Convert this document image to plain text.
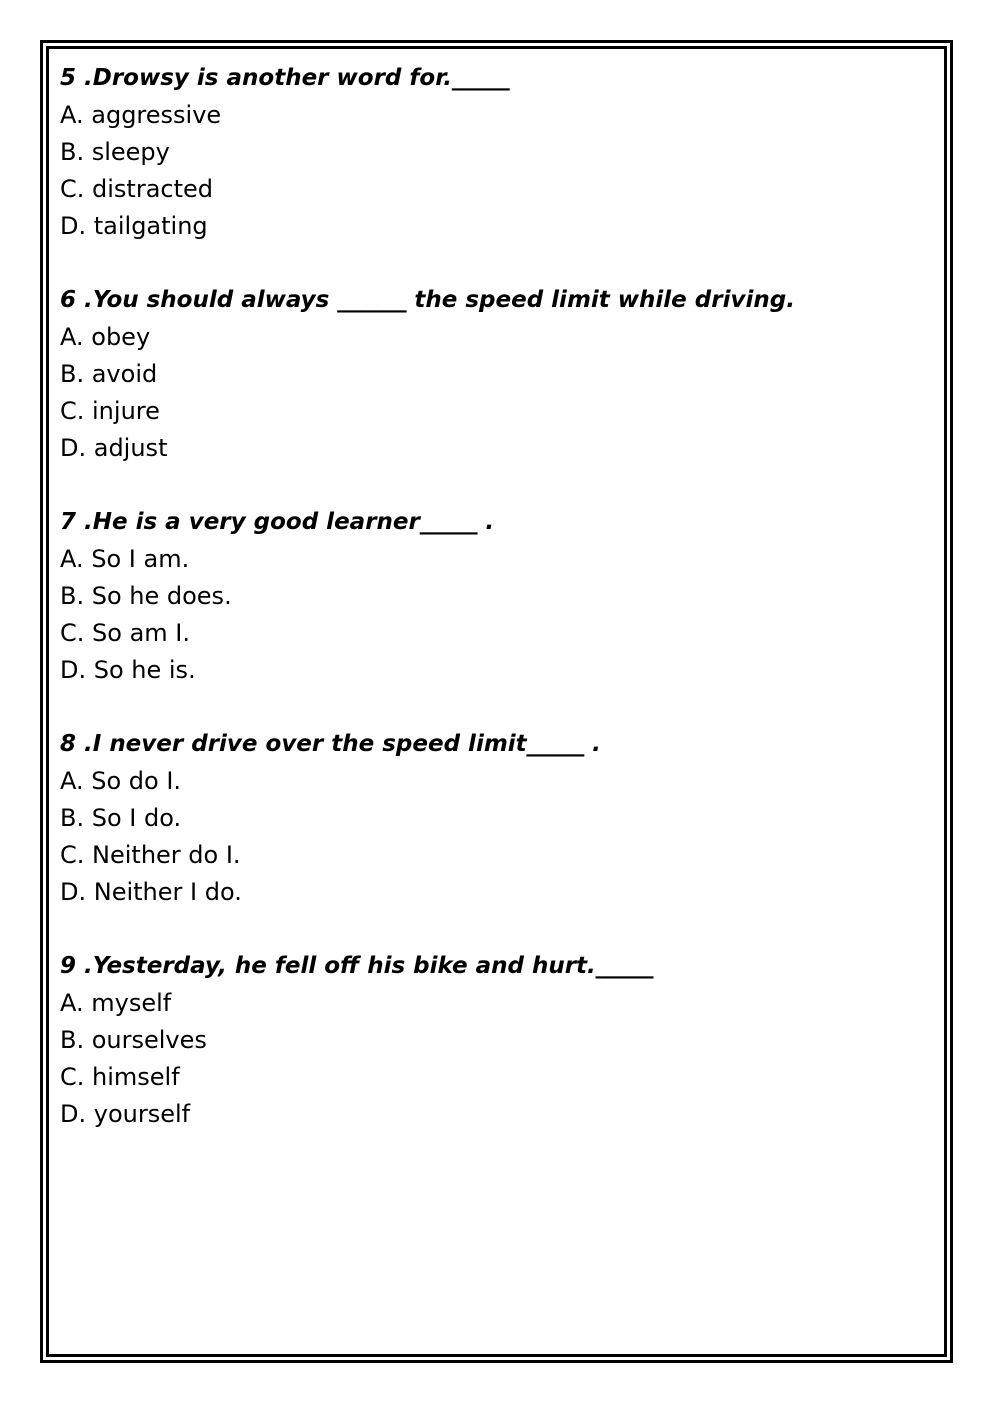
5 .Drowsy is another word for._____
A. aggressive
B. sleepy
C. distracted
D. tailgating
6 .You should always ______ the speed limit while driving.
A. obey
B. avoid
C. injure
D. adjust
7 .He is a very good learner_____ .
A. So I am.
B. So he does.
C. So am I.
D. So he is.
8 .I never drive over the speed limit_____ .
A. So do I.
B. So I do.
C. Neither do I.
D. Neither I do.
9 .Yesterday, he fell off his bike and hurt._____
A. myself
B. ourselves
C. himself
D. yourself
